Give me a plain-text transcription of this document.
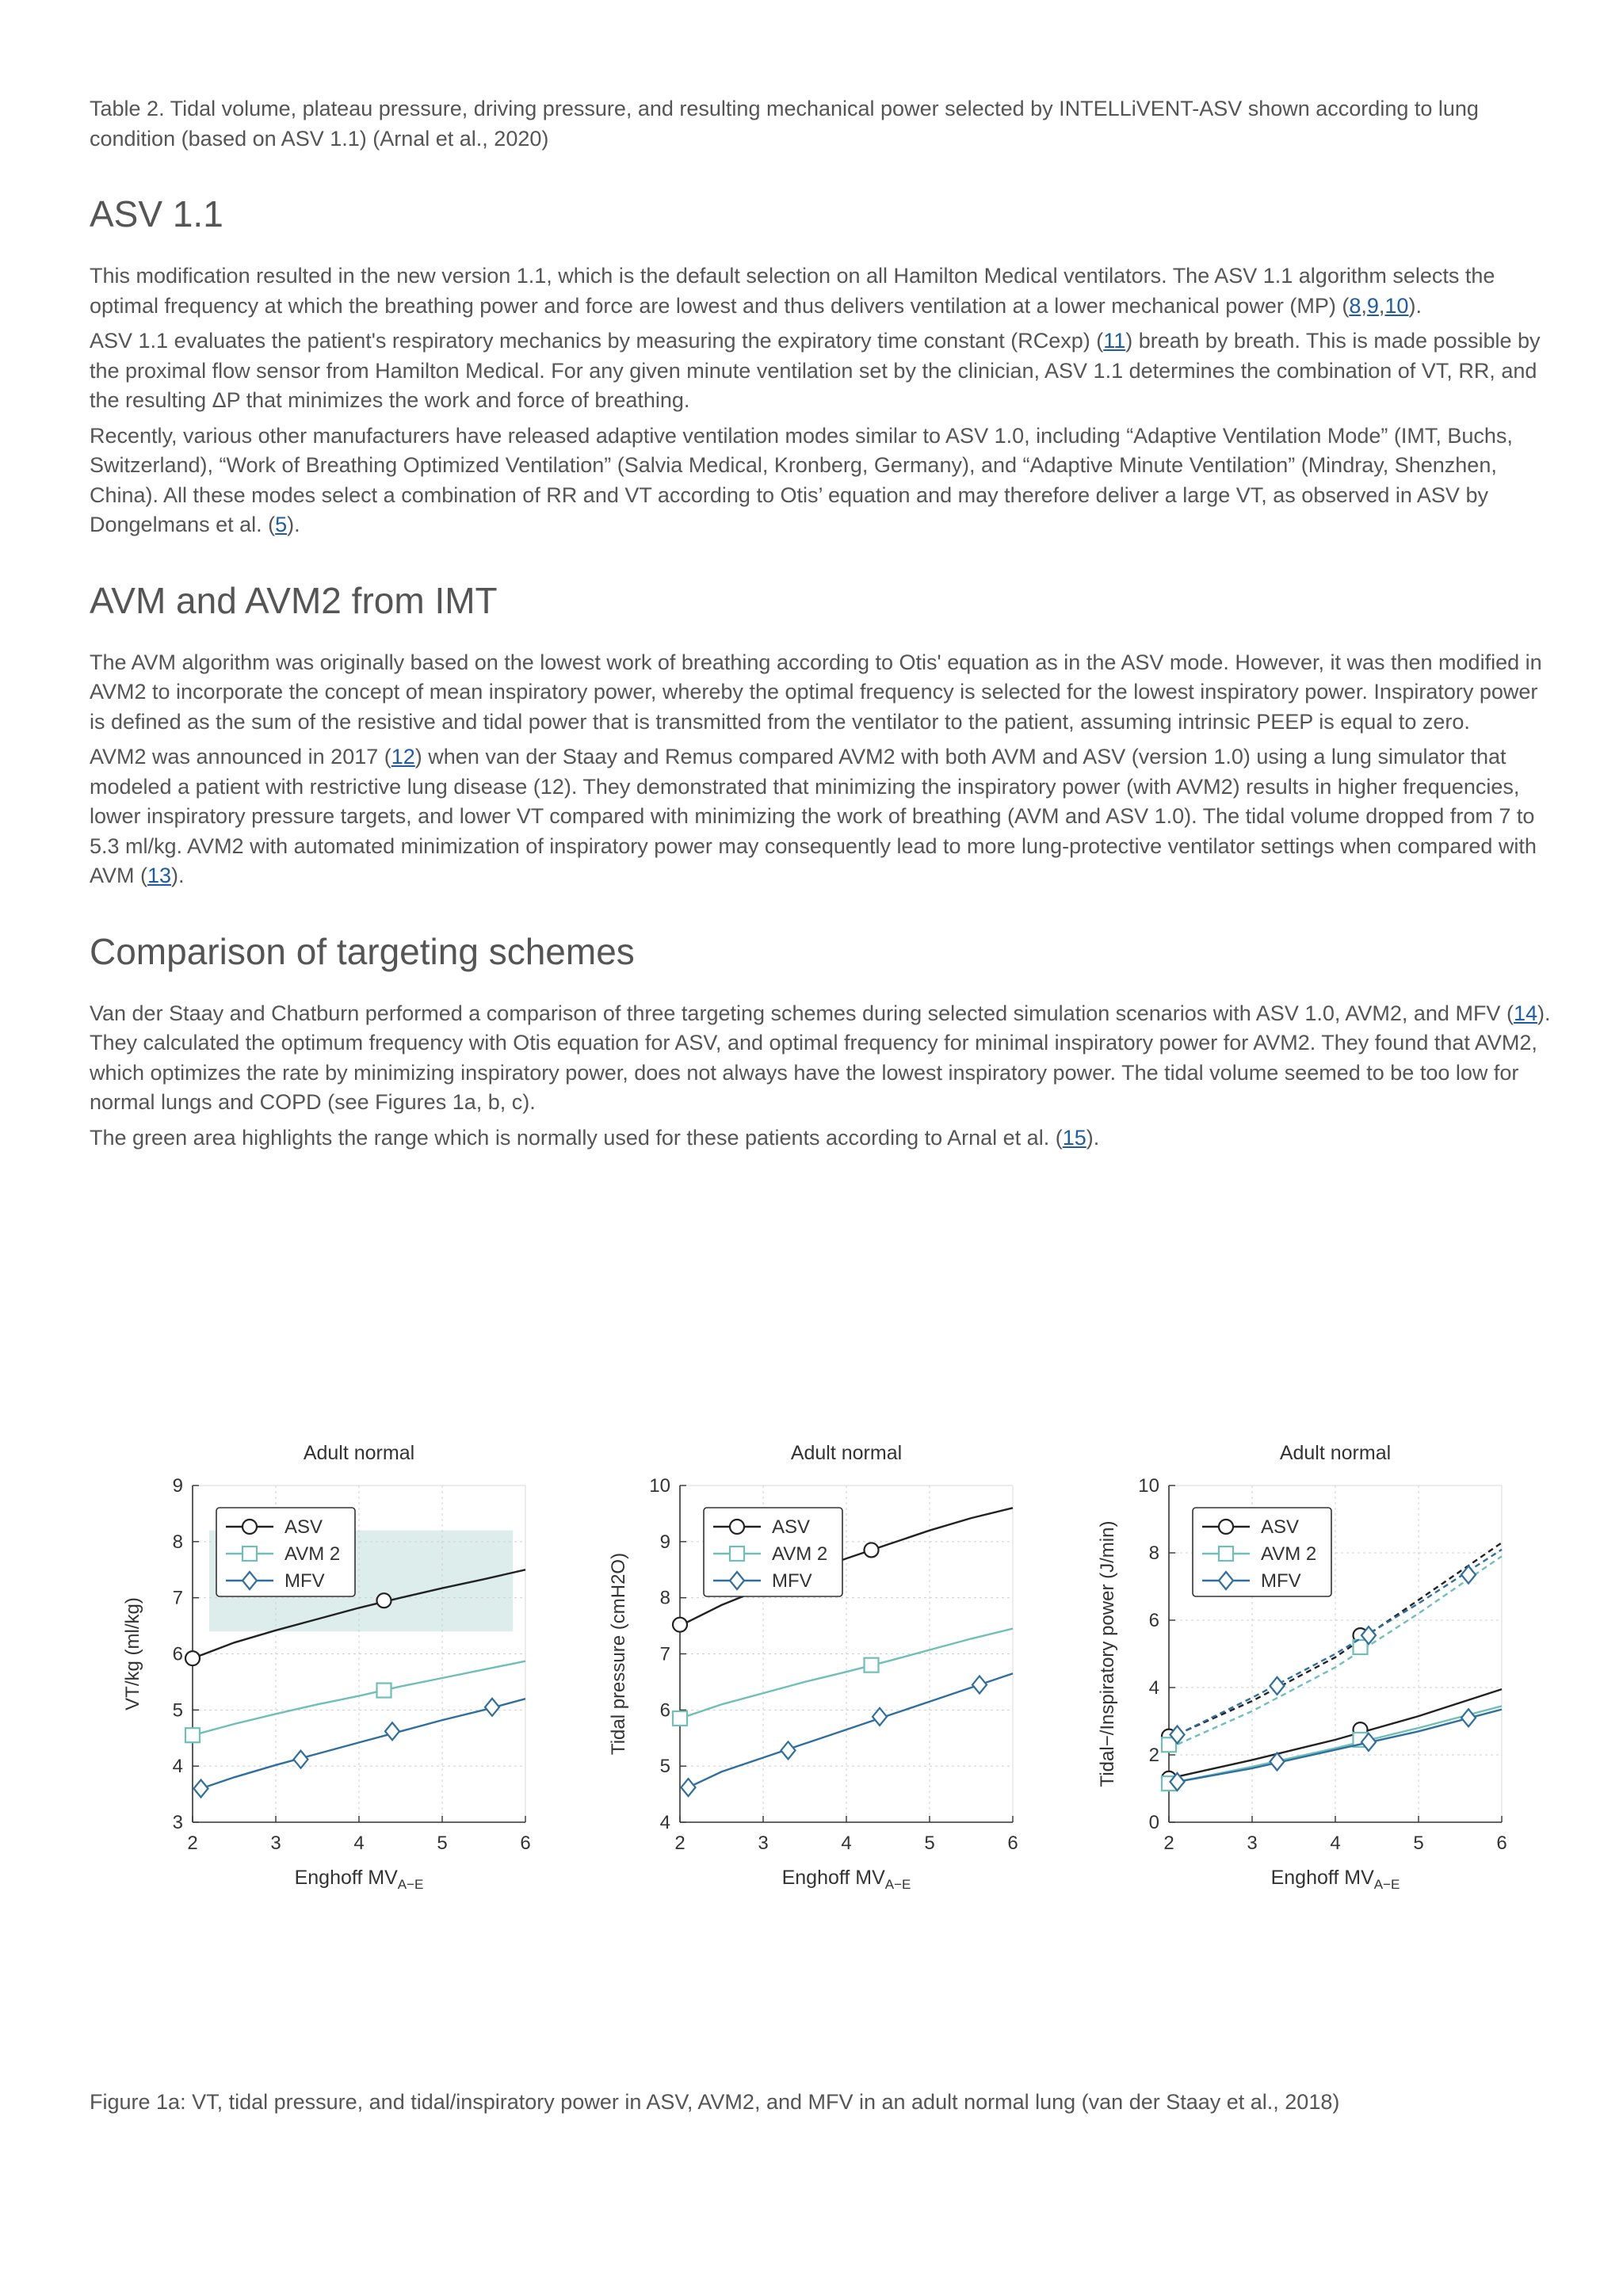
Table 2. Tidal volume, plateau pressure, driving pressure, and resulting mechanical power selected by INTELLiVENT-ASV shown according to lung condition (based on ASV 1.1) (Arnal et al., 2020)

ASV 1.1

This modification resulted in the new version 1.1, which is the default selection on all Hamilton Medical ventilators. The ASV 1.1 algorithm selects the optimal frequency at which the breathing power and force are lowest and thus delivers ventilation at a lower mechanical power (MP) (8,9,10).

ASV 1.1 evaluates the patient's respiratory mechanics by measuring the expiratory time constant (RCexp) (11) breath by breath. This is made possible by the proximal flow sensor from Hamilton Medical. For any given minute ventilation set by the clinician, ASV 1.1 determines the combination of VT, RR, and the resulting ΔP that minimizes the work and force of breathing.

Recently, various other manufacturers have released adaptive ventilation modes similar to ASV 1.0, including “Adaptive Ventilation Mode” (IMT, Buchs, Switzerland), “Work of Breathing Optimized Ventilation” (Salvia Medical, Kronberg, Germany), and “Adaptive Minute Ventilation” (Mindray, Shenzhen, China). All these modes select a combination of RR and VT according to Otis’ equation and may therefore deliver a large VT, as observed in ASV by Dongelmans et al. (5).

AVM and AVM2 from IMT

The AVM algorithm was originally based on the lowest work of breathing according to Otis' equation as in the ASV mode. However, it was then modified in AVM2 to incorporate the concept of mean inspiratory power, whereby the optimal frequency is selected for the lowest inspiratory power. Inspiratory power is defined as the sum of the resistive and tidal power that is transmitted from the ventilator to the patient, assuming intrinsic PEEP is equal to zero.

AVM2 was announced in 2017 (12) when van der Staay and Remus compared AVM2 with both AVM and ASV (version 1.0) using a lung simulator that modeled a patient with restrictive lung disease (12). They demonstrated that minimizing the inspiratory power (with AVM2) results in higher frequencies, lower inspiratory pressure targets, and lower VT compared with minimizing the work of breathing (AVM and ASV 1.0). The tidal volume dropped from 7 to 5.3 ml/kg. AVM2 with automated minimization of inspiratory power may consequently lead to more lung-protective ventilator settings when compared with AVM (13).

Comparison of targeting schemes

Van der Staay and Chatburn performed a comparison of three targeting schemes during selected simulation scenarios with ASV 1.0, AVM2, and MFV (14). They calculated the optimum frequency with Otis equation for ASV, and optimal frequency for minimal inspiratory power for AVM2. They found that AVM2, which optimizes the rate by minimizing inspiratory power, does not always have the lowest inspiratory power. The tidal volume seemed to be too low for normal lungs and COPD (see Figures 1a, b, c).

The green area highlights the range which is normally used for these patients according to Arnal et al. (15).

2	3	4	5	6
3
4
5
6
7
8
9
Adult normal
Enghoff $MV_{A-E}$
VT/kg (ml/kg)
ASV
AVM 2
MFV
2	3	4	5	6
4
5
6
7
8
9
10
Adult normal
Enghoff $MV_{A-E}$
Tidal pressure (cmH2O)
ASV
AVM 2
MFV
2	3	4	5	6
0
2
4
6
8
10
Adult normal
Enghoff $MV_{A-E}$
Tidal−/Inspiratory power (J/min)	ASV
AVM 2
MFV
Figure 1a: VT, tidal pressure, and tidal/inspiratory power in ASV, AVM2, and MFV in an adult normal lung (van der Staay et al., 2018)
